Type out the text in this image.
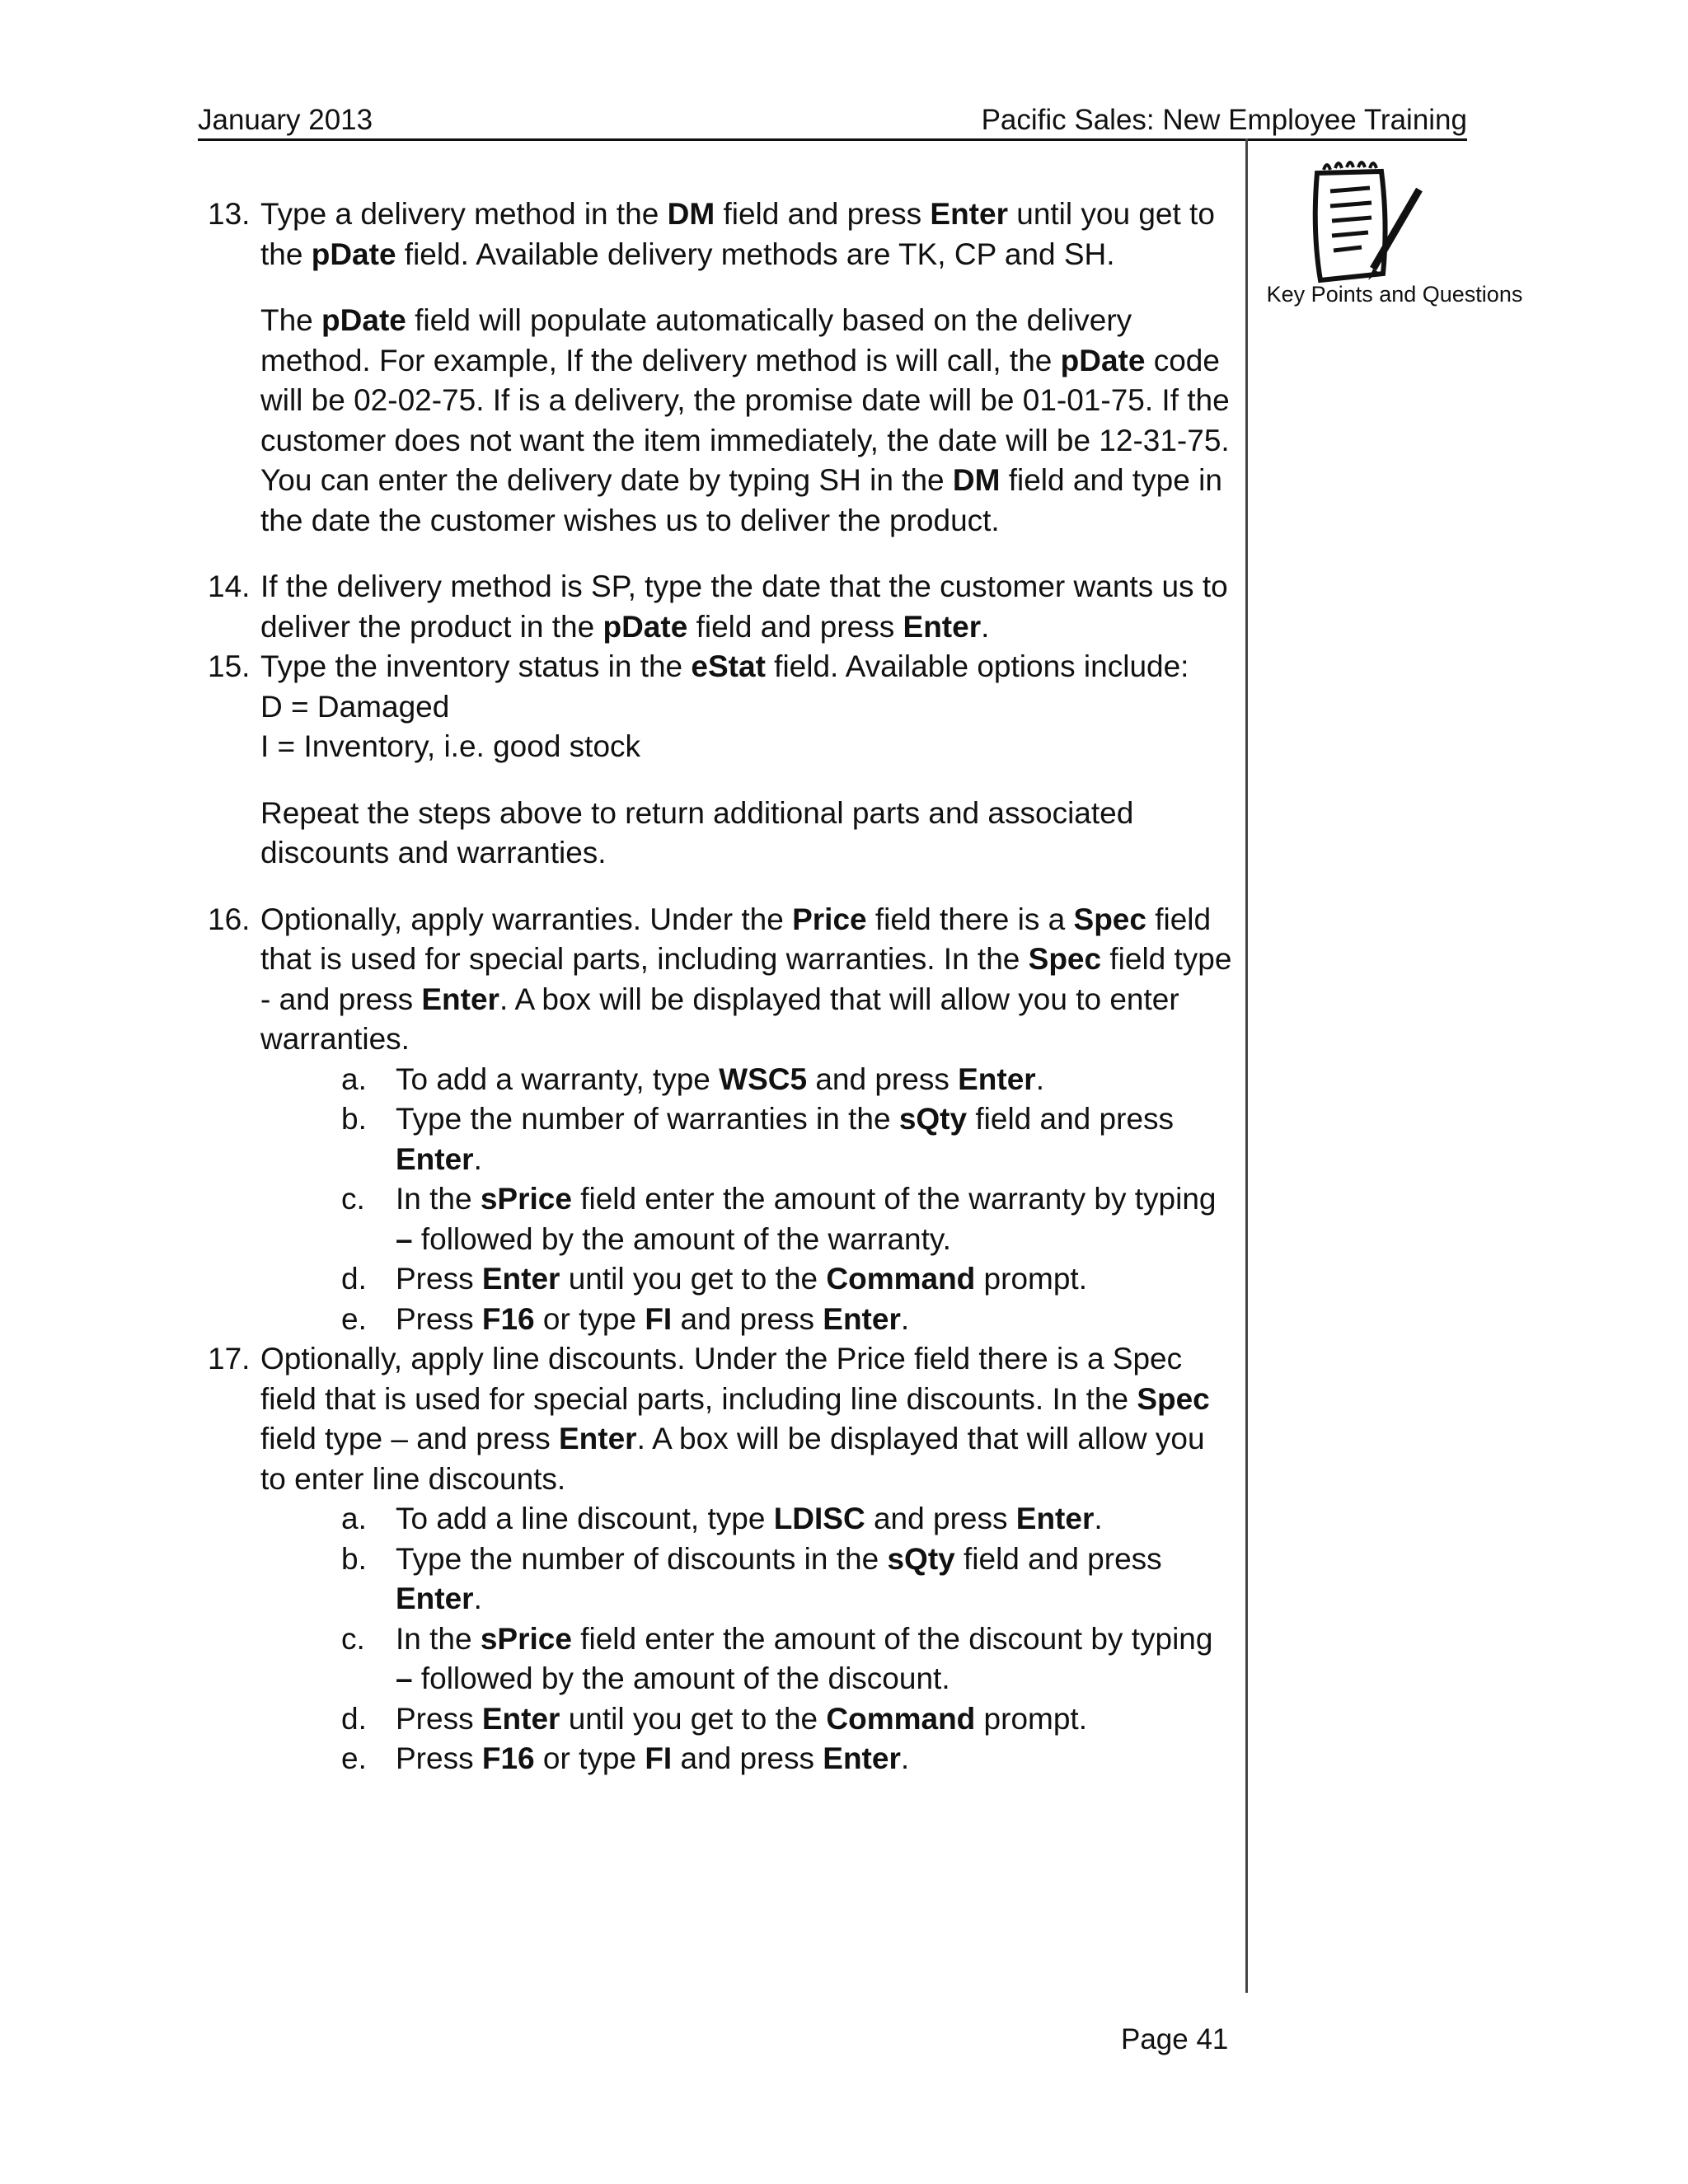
January 2013	Pacific Sales: New Employee Training
Key Points and Questions
13. Type a delivery method in the DM field and press Enter until you get to the pDate field. Available delivery methods are TK, CP and SH.
The pDate field will populate automatically based on the delivery method. For example, If the delivery method is will call, the pDate code will be 02-02-75. If is a delivery, the promise date will be 01-01-75. If the customer does not want the item immediately, the date will be 12-31-75. You can enter the delivery date by typing SH in the DM field and type in the date the customer wishes us to deliver the product.
14. If the delivery method is SP, type the date that the customer wants us to deliver the product in the pDate field and press Enter.
15. Type the inventory status in the eStat field. Available options include:
D = Damaged
I = Inventory, i.e. good stock
Repeat the steps above to return additional parts and associated discounts and warranties.
16. Optionally, apply warranties. Under the Price field there is a Spec field that is used for special parts, including warranties. In the Spec field type - and press Enter. A box will be displayed that will allow you to enter warranties.
a. To add a warranty, type WSC5 and press Enter.
b. Type the number of warranties in the sQty field and press Enter.
c. In the sPrice field enter the amount of the warranty by typing – followed by the amount of the warranty.
d. Press Enter until you get to the Command prompt.
e. Press F16 or type FI and press Enter.
17. Optionally, apply line discounts. Under the Price field there is a Spec field that is used for special parts, including line discounts. In the Spec field type – and press Enter. A box will be displayed that will allow you to enter line discounts.
a. To add a line discount, type LDISC and press Enter.
b. Type the number of discounts in the sQty field and press Enter.
c. In the sPrice field enter the amount of the discount by typing – followed by the amount of the discount.
d. Press Enter until you get to the Command prompt.
e. Press F16 or type FI and press Enter.
Page 41
